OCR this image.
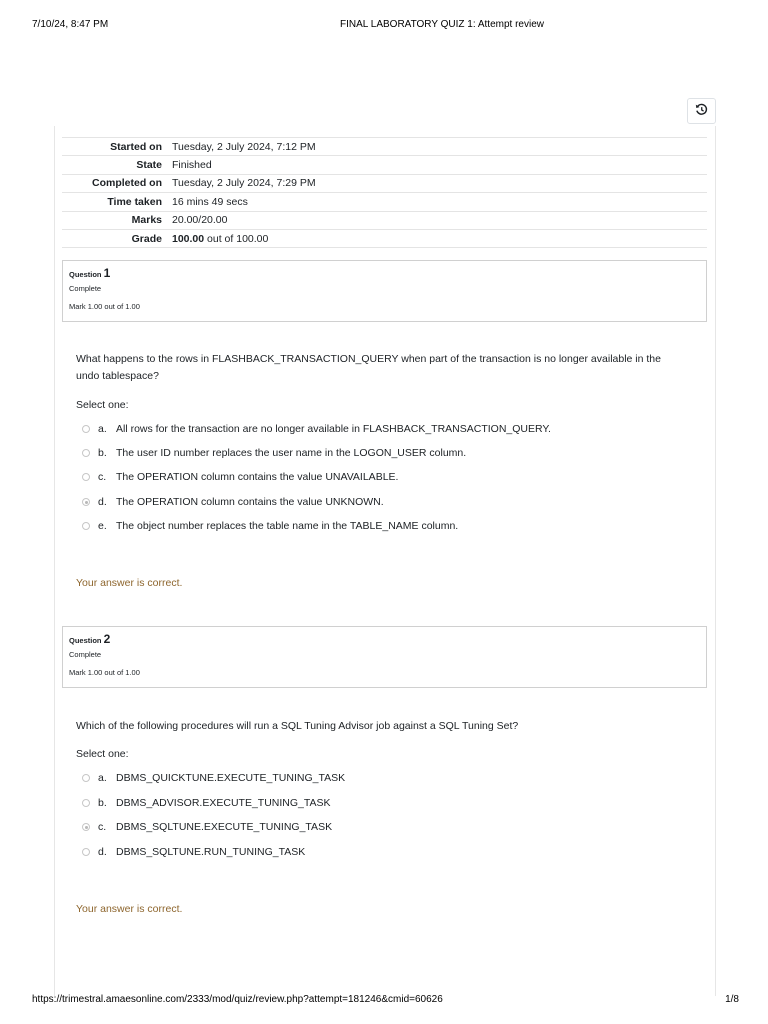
7/10/24, 8:47 PM	FINAL LABORATORY QUIZ 1: Attempt review
Started on	Tuesday, 2 July 2024, 7:12 PM
State	Finished
Completed on	Tuesday, 2 July 2024, 7:29 PM
Time taken	16 mins 49 secs
Marks	20.00/20.00
Grade	100.00 out of 100.00
Question 1
Complete
Mark 1.00 out of 1.00
What happens to the rows in FLASHBACK_TRANSACTION_QUERY when part of the transaction is no longer available in the undo tablespace?
Select one:
a. All rows for the transaction are no longer available in FLASHBACK_TRANSACTION_QUERY.
b. The user ID number replaces the user name in the LOGON_USER column.
c. The OPERATION column contains the value UNAVAILABLE.
d. The OPERATION column contains the value UNKNOWN.
e. The object number replaces the table name in the TABLE_NAME column.
Your answer is correct.
Question 2
Complete
Mark 1.00 out of 1.00
Which of the following procedures will run a SQL Tuning Advisor job against a SQL Tuning Set?
Select one:
a. DBMS_QUICKTUNE.EXECUTE_TUNING_TASK
b. DBMS_ADVISOR.EXECUTE_TUNING_TASK
c. DBMS_SQLTUNE.EXECUTE_TUNING_TASK
d. DBMS_SQLTUNE.RUN_TUNING_TASK
Your answer is correct.
https://trimestral.amaesonline.com/2333/mod/quiz/review.php?attempt=181246&cmid=60626	1/8
